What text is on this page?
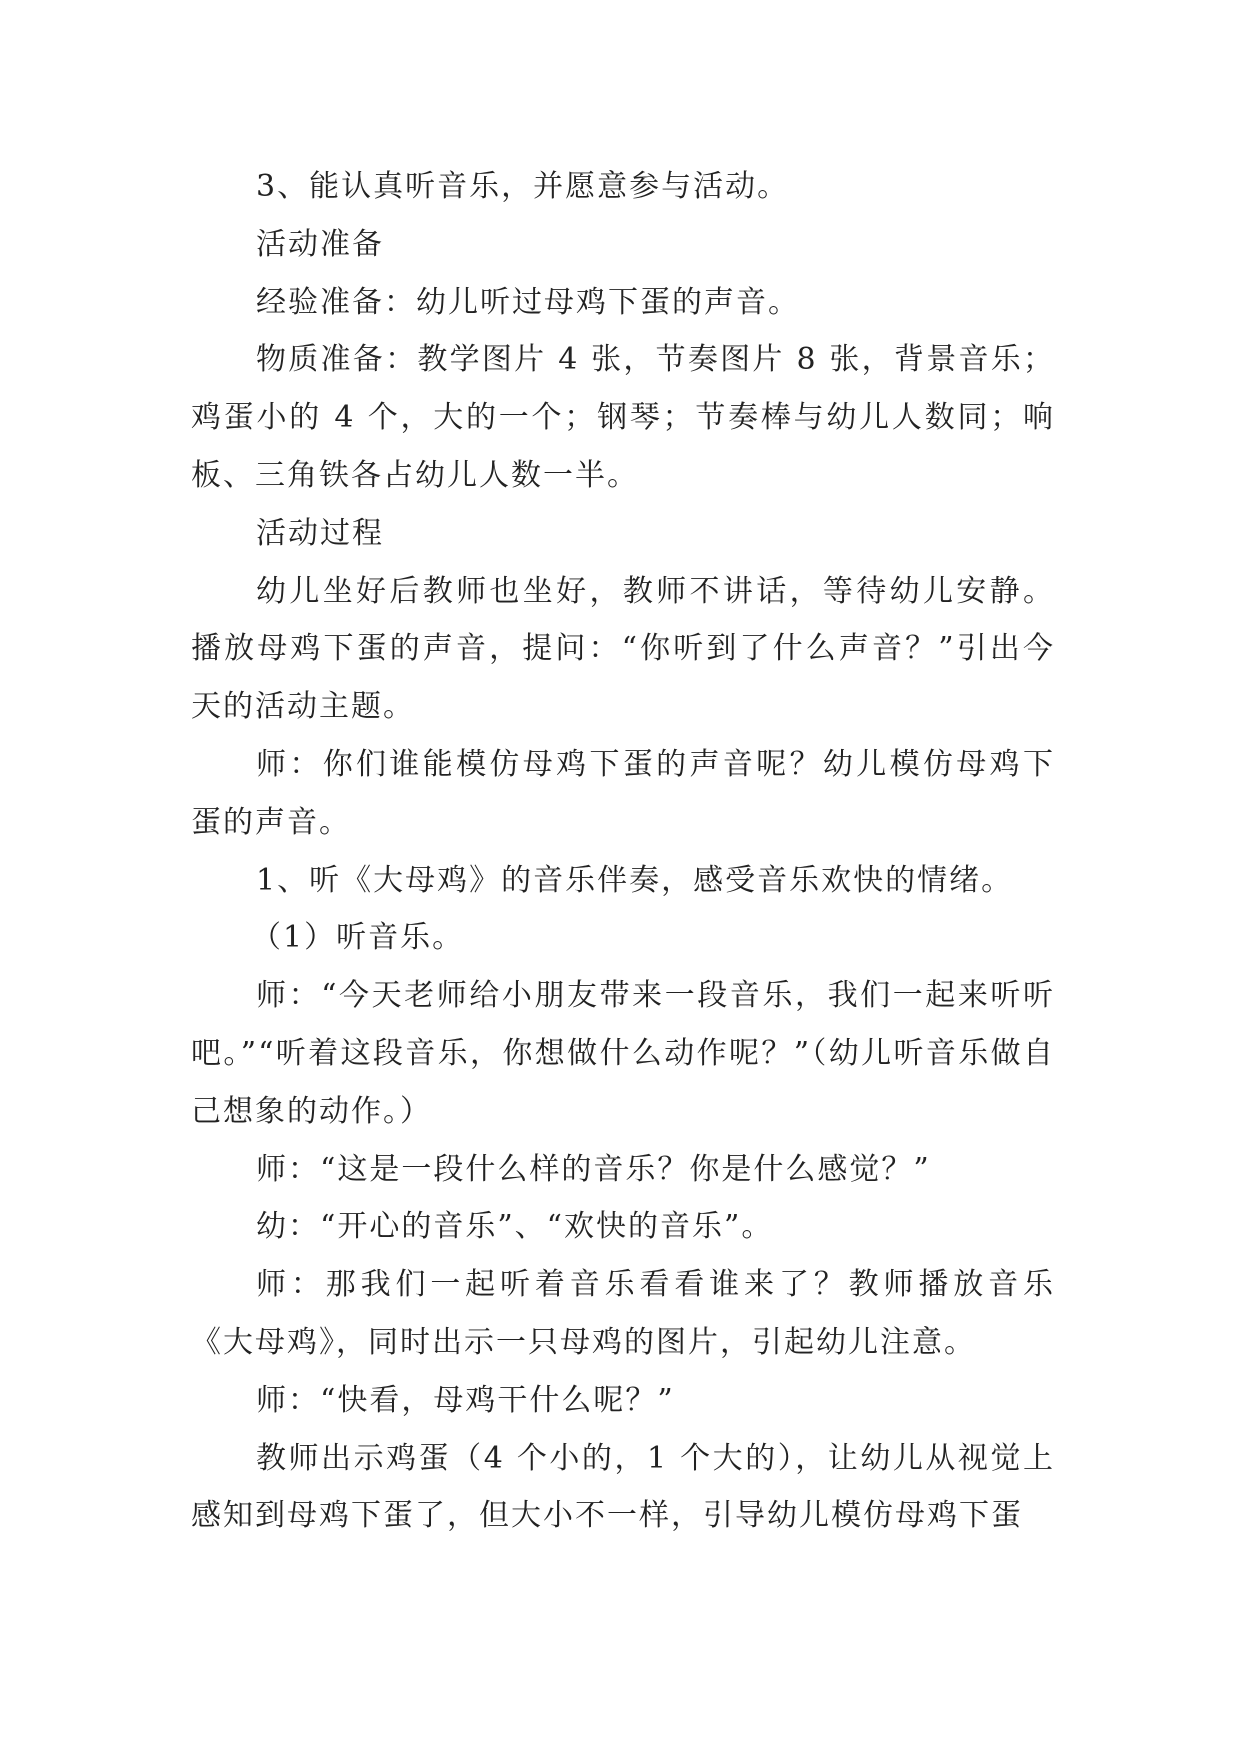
3、能认真听音乐，并愿意参与活动。

活动准备

经验准备：幼儿听过母鸡下蛋的声音。

物质准备：教学图片 4 张，节奏图片 8 张，背景音乐；鸡蛋小的 4 个，大的一个；钢琴；节奏棒与幼儿人数同；响板、三角铁各占幼儿人数一半。

活动过程

幼儿坐好后教师也坐好，教师不讲话，等待幼儿安静。播放母鸡下蛋的声音，提问：“你听到了什么声音？”引出今天的活动主题。

师：你们谁能模仿母鸡下蛋的声音呢？幼儿模仿母鸡下蛋的声音。

1、听《大母鸡》的音乐伴奏，感受音乐欢快的情绪。

（1）听音乐。

师：“今天老师给小朋友带来一段音乐，我们一起来听听吧。”“听着这段音乐，你想做什么动作呢？”（幼儿听音乐做自己想象的动作。）

师：“这是一段什么样的音乐？你是什么感觉？”

幼：“开心的音乐”、“欢快的音乐”。

师：那我们一起听着音乐看看谁来了？教师播放音乐《大母鸡》，同时出示一只母鸡的图片，引起幼儿注意。

师：“快看，母鸡干什么呢？”

教师出示鸡蛋（4 个小的，1 个大的），让幼儿从视觉上感知到母鸡下蛋了，但大小不一样，引导幼儿模仿母鸡下蛋
